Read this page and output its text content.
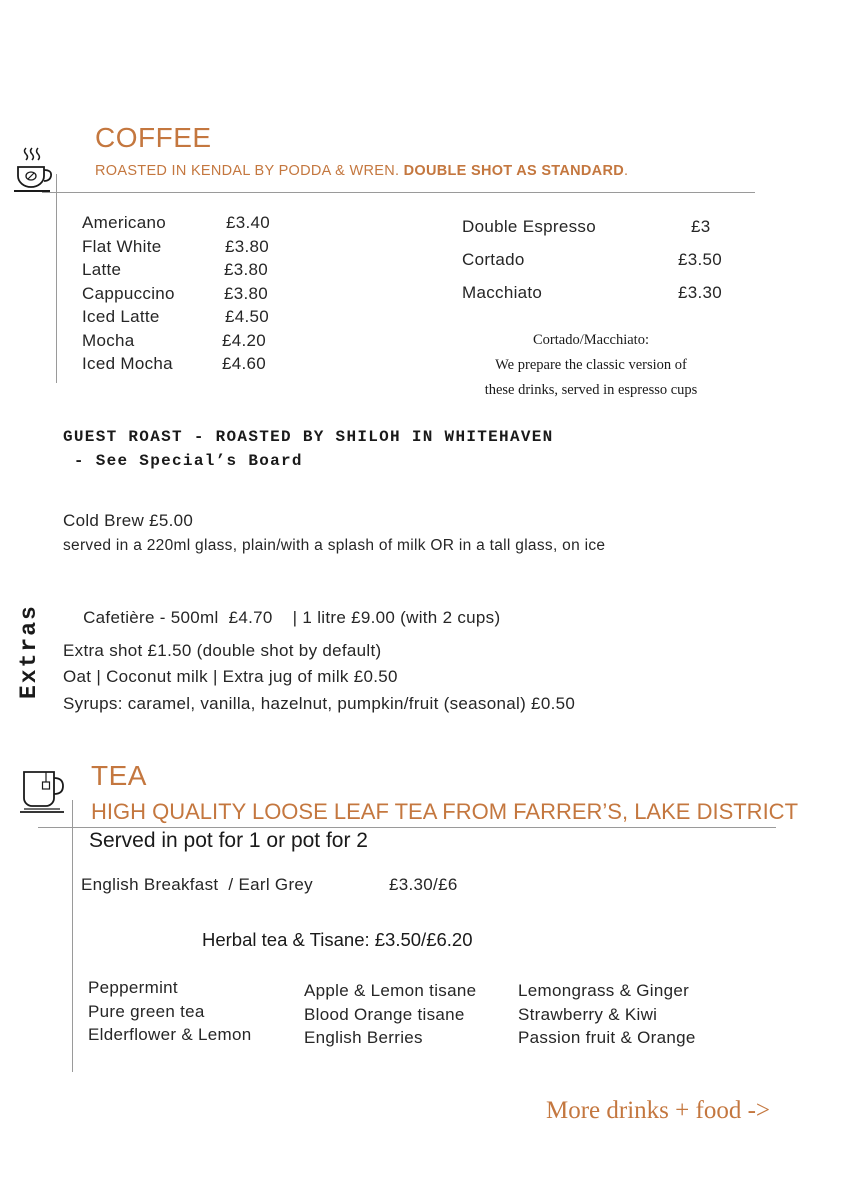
COFFEE
ROASTED IN KENDAL BY PODDA & WREN. DOUBLE SHOT AS STANDARD.
Americano	£3.40
Flat White	£3.80
Latte	£3.80
Cappuccino	£3.80
Iced Latte	£4.50
Mocha	£4.20
Iced Mocha	£4.60
Double Espresso	£3
Cortado	£3.50
Macchiato	£3.30
Cortado/Macchiato:
We prepare the classic version of
these drinks, served in espresso cups
GUEST ROAST - ROASTED BY SHILOH IN WHITEHAVEN
- See Special’s Board
Extras
Cold Brew £5.00
served in a 220ml glass, plain/with a splash of milk OR in a tall glass, on ice

Cafetière - 500ml  £4.70 | 1 litre £9.00 (with 2 cups)

Extra shot £1.50 (double shot by default)
Oat | Coconut milk | Extra jug of milk £0.50
Syrups: caramel, vanilla, hazelnut, pumpkin/fruit (seasonal) £0.50
TEA
HIGH QUALITY LOOSE LEAF TEA FROM FARRER’S, LAKE DISTRICT
Served in pot for 1 or pot for 2
English Breakfast  / Earl Grey	£3.30/£6
Herbal tea & Tisane: £3.50/£6.20
Peppermint
Pure green tea
Elderflower & Lemon
Apple & Lemon tisane
Blood Orange tisane
English Berries
Lemongrass & Ginger
Strawberry & Kiwi
Passion fruit & Orange
More drinks + food ->
